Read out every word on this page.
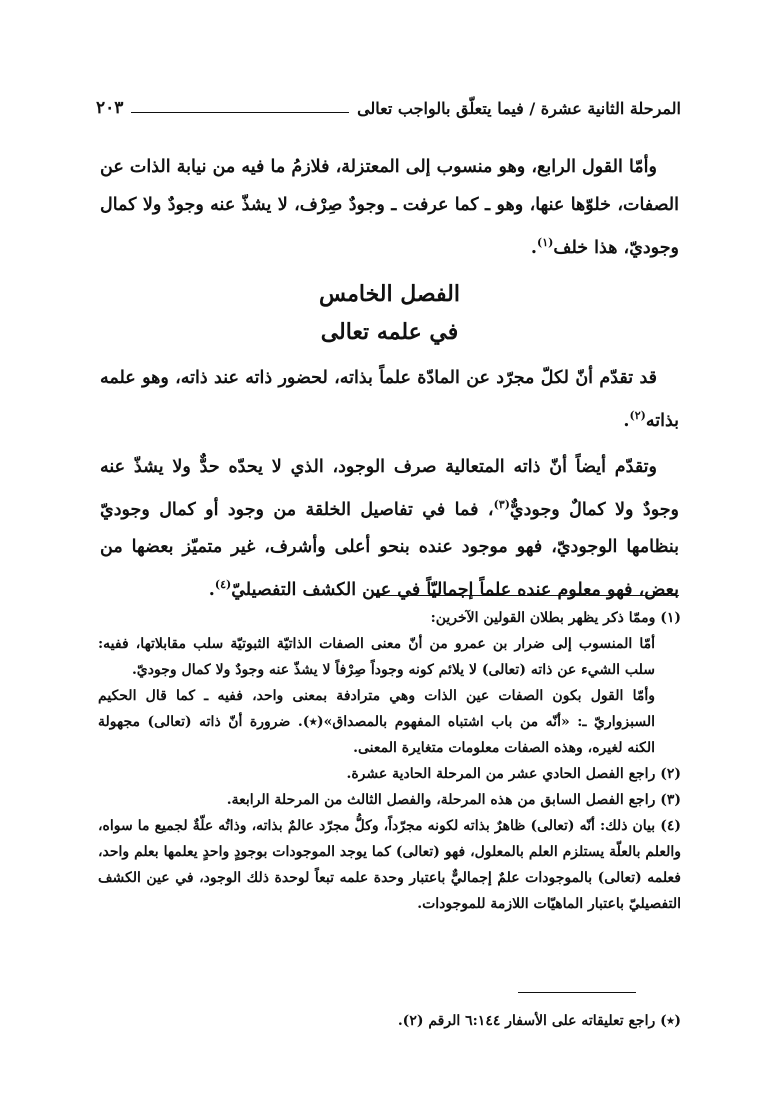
المرحلة الثانية عشرة / فيما يتعلّق بالواجب تعالى
٢٠٣

وأمّا القول الرابع، وهو منسوب إلى المعتزلة، فلازمُ ما فيه من نيابة الذات عن الصفات، خلوّها عنها، وهو ـ كما عرفت ـ وجودٌ صِرْف، لا يشذّ عنه وجودٌ ولا كمال وجوديّ، هذا خلف$^{(١)}$.

الفصل الخامس

في علمه تعالى

قد تقدّم أنّ لكلّ مجرّد عن المادّة علماً بذاته، لحضور ذاته عند ذاته، وهو علمه بذاته$^{(٢)}$.

وتقدّم أيضاً أنّ ذاته المتعالية صرف الوجود، الذي لا يحدّه حدٌّ ولا يشذّ عنه وجودٌ ولا كمالٌ وجوديٌّ$^{(٣)}$، فما في تفاصيل الخلقة من وجود أو كمال وجوديّ بنظامها الوجوديّ، فهو موجود عنده بنحو أعلى وأشرف، غير متميّز بعضها من بعض، فهو معلوم عنده علماً إجماليّاً في عين الكشف التفصيليّ$^{(٤)}$.

(١) وممّا ذكر يظهر بطلان القولين الآخرين:

أمّا المنسوب إلى ضرار بن عمرو من أنّ معنى الصفات الذاتيّة الثبوتيّة سلب مقابلاتها، ففيه: سلب الشيء عن ذاته (تعالى) لا يلائم كونه وجوداً صِرْفاً لا يشذّ عنه وجودٌ ولا كمال وجوديّ.

وأمّا القول بكون الصفات عين الذات وهي مترادفة بمعنى واحد، ففيه ـ كما قال الحكيم السبزواريّ ـ: «أنّه من باب اشتباه المفهوم بالمصداق»(٭). ضرورة أنّ ذاته (تعالى) مجهولة الكنه لغيره، وهذه الصفات معلومات متغايرة المعنى.

(٢) راجع الفصل الحادي عشر من المرحلة الحادية عشرة.

(٣) راجع الفصل السابق من هذه المرحلة، والفصل الثالث من المرحلة الرابعة.

(٤) بيان ذلك: أنّه (تعالى) ظاهرٌ بذاته لكونه مجرّداً، وكلُّ مجرّد عالمٌ بذاته، وذاتُه علّةٌ لجميع ما سواه، والعلم بالعلّة يستلزم العلم بالمعلول، فهو (تعالى) كما يوجد الموجودات بوجودٍ واحدٍ يعلمها بعلم واحد، فعلمه (تعالى) بالموجودات علمٌ إجماليٌّ باعتبار وحدة علمه تبعاً لوحدة ذلك الوجود، في عين الكشف التفصيليّ باعتبار الماهيّات اللازمة للموجودات.

(٭) راجع تعليقاته على الأسفار ٦:١٤٤ الرقم (٢).
